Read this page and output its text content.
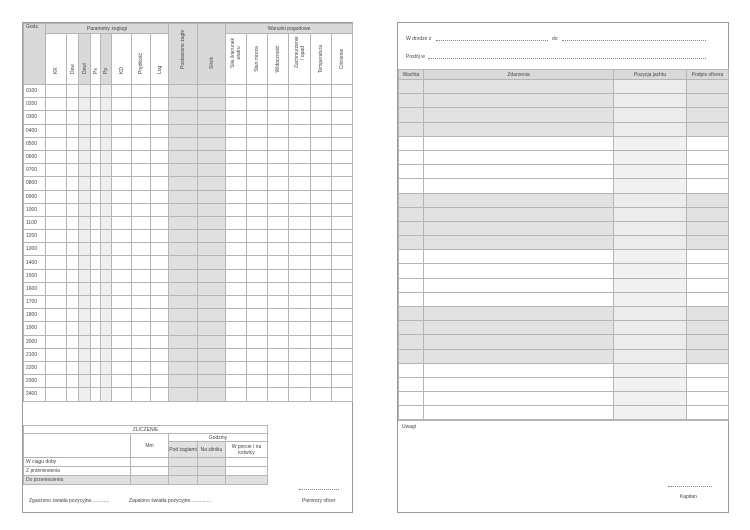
Godz.	Parametry żeglugi								Postawione żagle	Silnik	Warunki pogodowe					

	KK	Dew	Dewi	Px	Pp	KD	Prędkość	Log			Siła /kierunek wiatru	Stan morza	Widoczność	Zachmurzenie / opad	Temperatura	Ciśnienie

0100																
0200																
0300																
0400																
0500																
0600																
0700																
0800																
0900																
1000																
1100																
1200																
1300																
1400																
1500																
1600																
1700																
1800																
1900																
2000																
2100																
2200																
2300																
2400																
ZLICZENIE				
	Mm	Godziny		
		Pod żaglami	Na silniku	W porcie / na kotwicy
W ciągu doby				
Z przeniesienia				
Do przeniesienia				
Zgaszono światła pozycyjne.............	Zapalono światła pozycyjne...............	Pierwszy oficer
W drodze z	do
Postój w
Wachta	Zdarzenia	Pozycja jachtu	Podpis oficera

Uwagi
Kapitan
